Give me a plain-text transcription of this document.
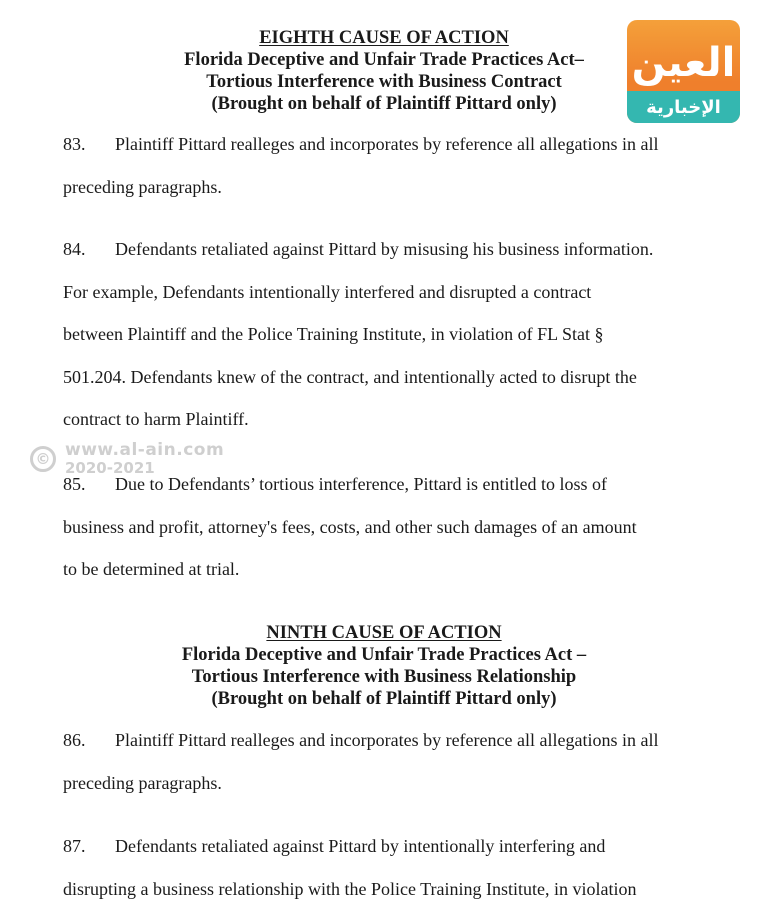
EIGHTH CAUSE OF ACTION
Florida Deceptive and Unfair Trade Practices Act–
Tortious Interference with Business Contract
(Brought on behalf of Plaintiff Pittard only)
83. Plaintiff Pittard realleges and incorporates by reference all allegations in all
preceding paragraphs.
84. Defendants retaliated against Pittard by misusing his business information.
For example, Defendants intentionally interfered and disrupted a contract
between Plaintiff and the Police Training Institute, in violation of FL Stat §
501.204. Defendants knew of the contract, and intentionally acted to disrupt the
contract to harm Plaintiff.
85. Due to Defendants’ tortious interference, Pittard is entitled to loss of
business and profit, attorney's fees, costs, and other such damages of an amount
to be determined at trial.
NINTH CAUSE OF ACTION
Florida Deceptive and Unfair Trade Practices Act –
Tortious Interference with Business Relationship
(Brought on behalf of Plaintiff Pittard only)
86. Plaintiff Pittard realleges and incorporates by reference all allegations in all
preceding paragraphs.
87. Defendants retaliated against Pittard by intentionally interfering and
disrupting a business relationship with the Police Training Institute, in violation
العين
الإخبارية
© www.al-ain.com
2020-2021
